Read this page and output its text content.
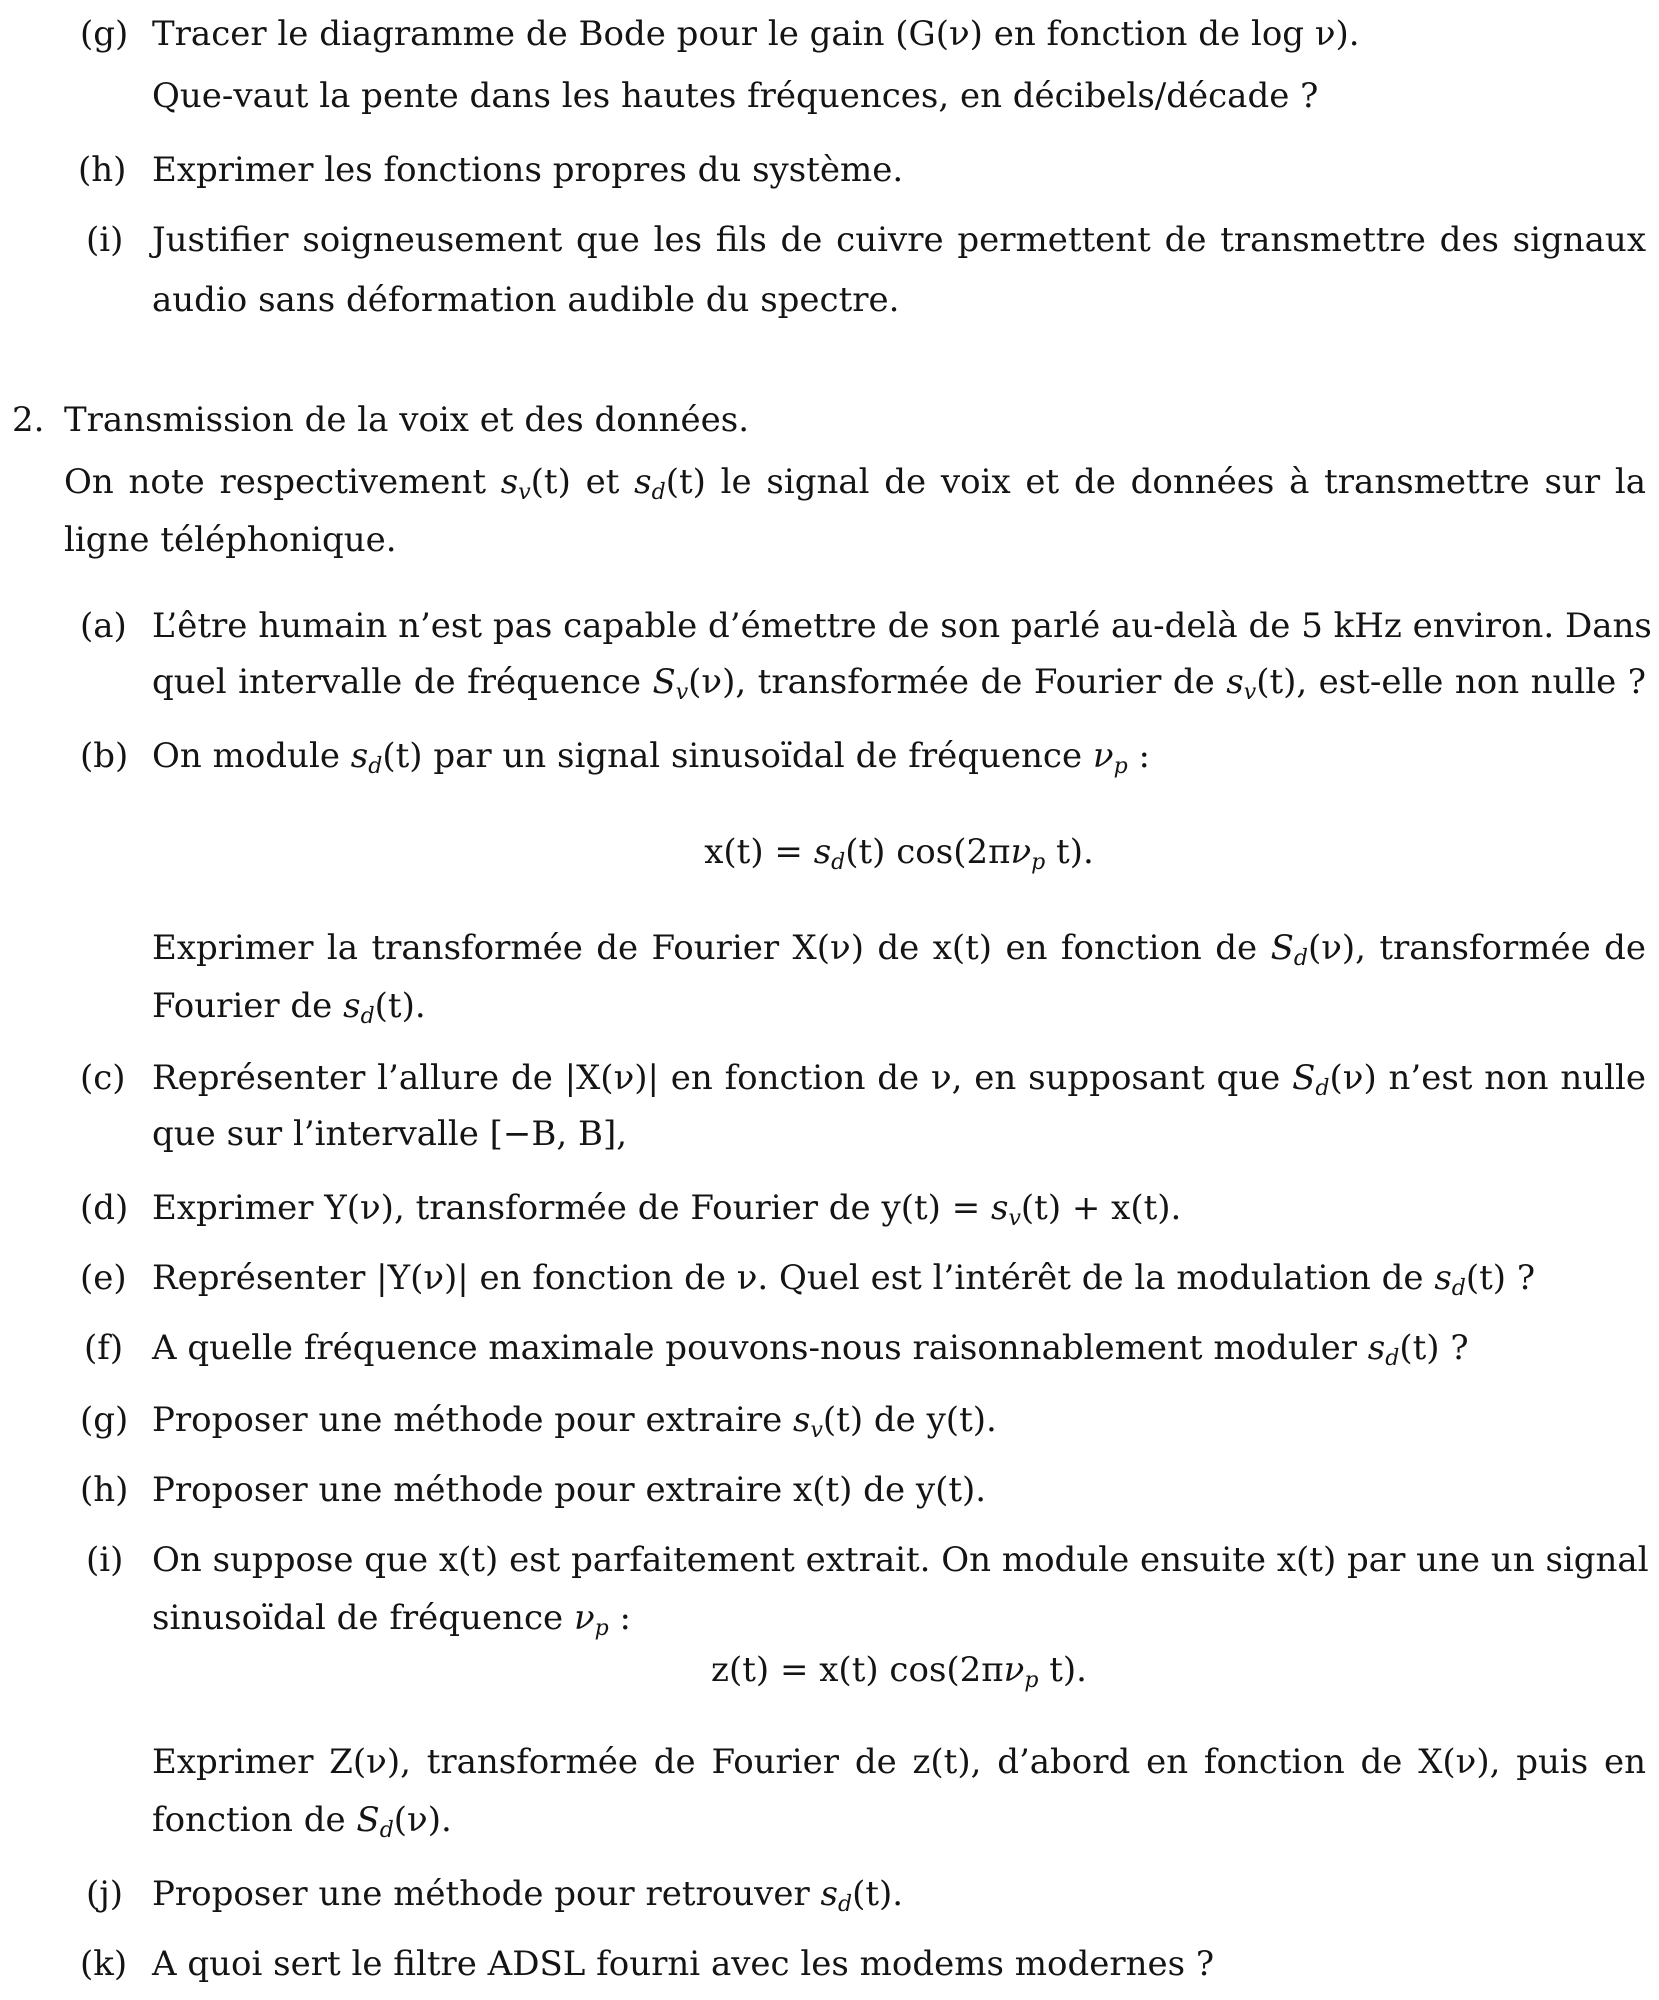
(g) Tracer le diagramme de Bode pour le gain (G(ν) en fonction de log ν).
Que-vaut la pente dans les hautes fréquences, en décibels/décade ?
(h) Exprimer les fonctions propres du système.
(i) Justifier soigneusement que les fils de cuivre permettent de transmettre des signaux
audio sans déformation audible du spectre.
2. Transmission de la voix et des données.
On note respectivement $s_v(t)$ et $s_d(t)$ le signal de voix et de données à transmettre sur la
ligne téléphonique.
(a) L’être humain n’est pas capable d’émettre de son parlé au-delà de 5 kHz environ. Dans
quel intervalle de fréquence $S_v(\nu)$, transformée de Fourier de $s_v(t)$, est-elle non nulle ?
(b) On module $s_d(t)$ par un signal sinusoïdal de fréquence $\nu_p$ :
$x(t) = s_d(t)$ $\cos(2\pi\nu_p$ t).
Exprimer la transformée de Fourier X(ν) de x(t) en fonction de $S_d(\nu)$, transformée de
Fourier de $s_d(t)$.
(c) Représenter l’allure de |X(ν)| en fonction de ν, en supposant que $S_d(\nu)$ n’est non nulle
que sur l’intervalle [−B, B],
(d) Exprimer Y(ν), transformée de Fourier de $y(t) = s_v(t) + x(t)$.
(e) Représenter |Y(ν)| en fonction de ν. Quel est l’intérêt de la modulation de $s_d(t)$ ?
(f) A quelle fréquence maximale pouvons-nous raisonnablement moduler $s_d(t)$ ?
(g) Proposer une méthode pour extraire $s_v(t)$ de y(t).
(h) Proposer une méthode pour extraire x(t) de y(t).
(i) On suppose que x(t) est parfaitement extrait. On module ensuite x(t) par une un signal
sinusoïdal de fréquence $\nu_p$ :
z(t) = x(t) $\cos(2\pi\nu_p$ t).
Exprimer Z(ν), transformée de Fourier de z(t), d’abord en fonction de X(ν), puis en
fonction de $S_d(\nu)$.
(j) Proposer une méthode pour retrouver $s_d(t)$.
(k) A quoi sert le filtre ADSL fourni avec les modems modernes ?
